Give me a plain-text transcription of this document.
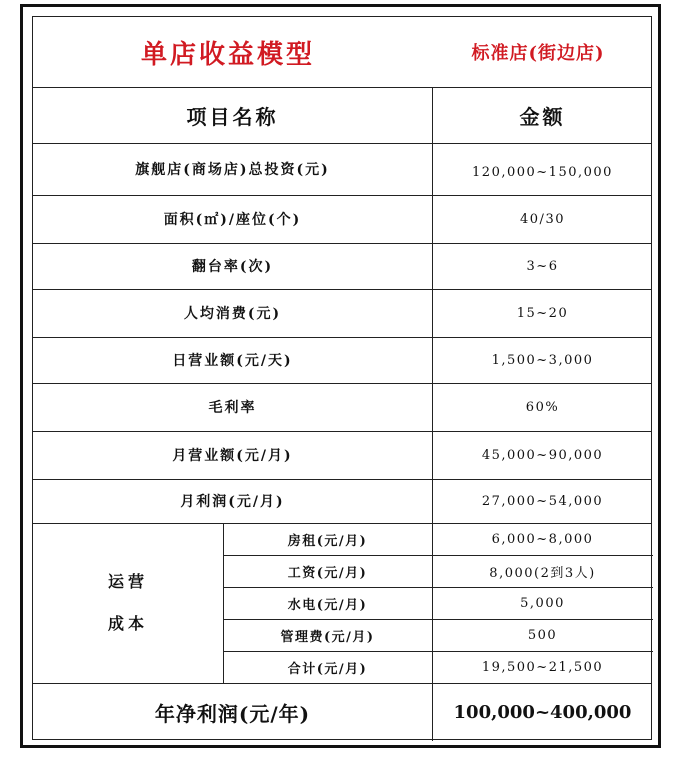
单店收益模型	标准店(街边店)
项目名称	金额
旗舰店(商场店)总投资(元)	120,000~150,000
面积(㎡)/座位(个)	40/30
翻台率(次)	3~6
人均消费(元)	15~20
日营业额(元/天)	1,500~3,000
毛利率	60%
月营业额(元/月)	45,000~90,000
月利润(元/月)	27,000~54,000
运营
成本
房租(元/月)	6,000~8,000
工资(元/月)	8,000(2到3人)
水电(元/月)	5,000
管理费(元/月)	500
合计(元/月)	19,500~21,500
年净利润(元/年)	100,000~400,000
